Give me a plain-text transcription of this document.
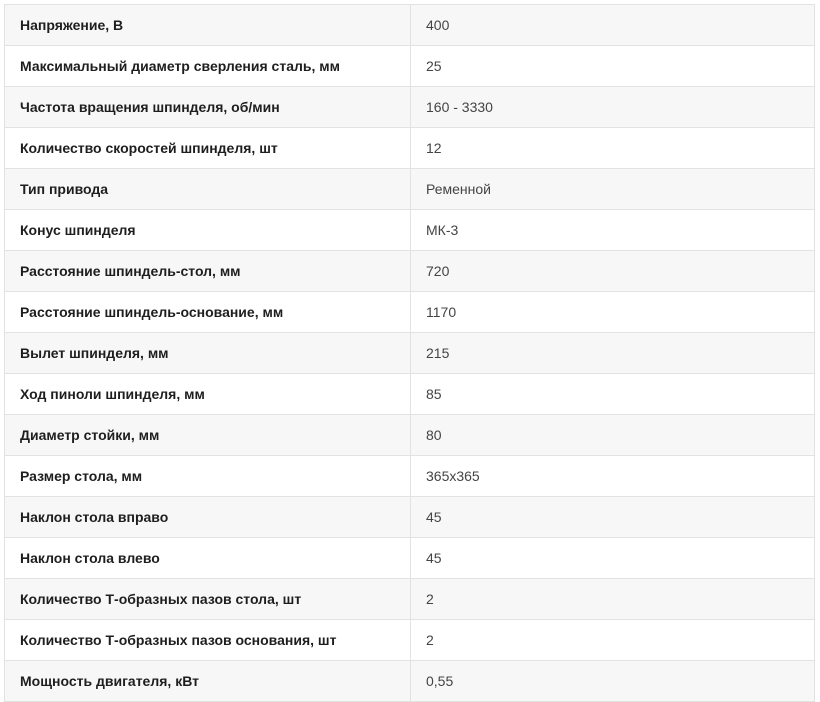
Напряжение, В	400
Максимальный диаметр сверления сталь, мм	25
Частота вращения шпинделя, об/мин	160 - 3330
Количество скоростей шпинделя, шт	12
Тип привода	Ременной
Конус шпинделя	МК-3
Расстояние шпиндель-стол, мм	720
Расстояние шпиндель-основание, мм	1170
Вылет шпинделя, мм	215
Ход пиноли шпинделя, мм	85
Диаметр стойки, мм	80
Размер стола, мм	365x365
Наклон стола вправо	45
Наклон стола влево	45
Количество Т-образных пазов стола, шт	2
Количество Т-образных пазов основания, шт	2
Мощность двигателя, кВт	0,55
